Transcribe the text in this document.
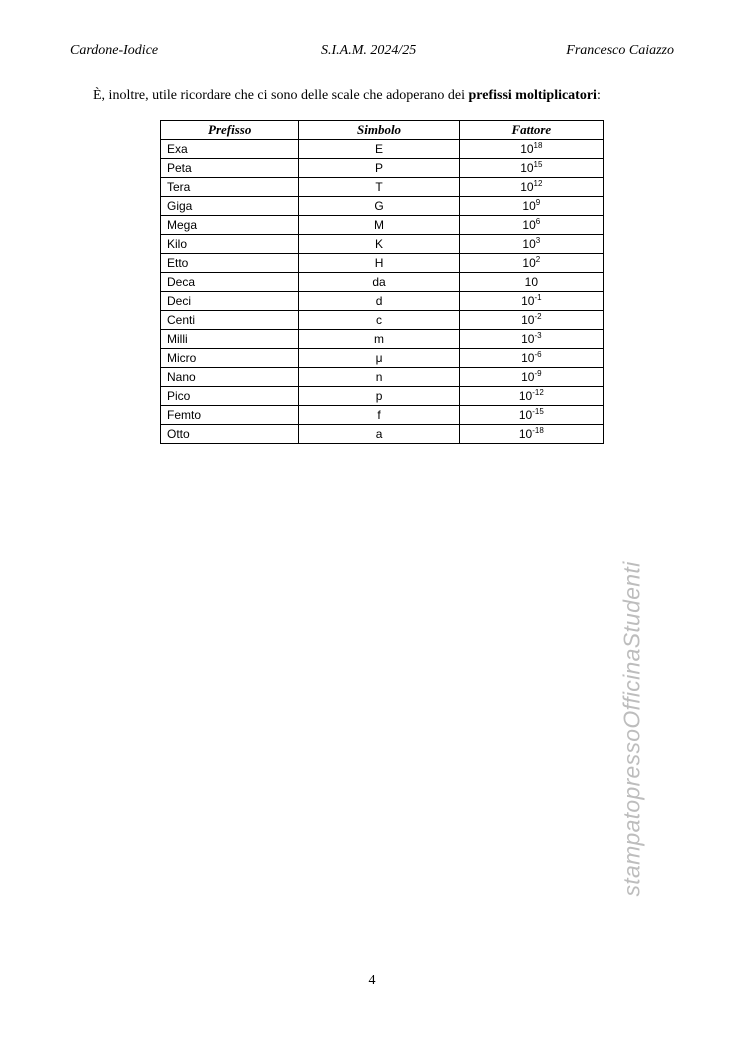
Cardone-Iodice	S.I.A.M. 2024/25	Francesco Caiazzo

È, inoltre, utile ricordare che ci sono delle scale che adoperano dei prefissi moltiplicatori:

Prefisso	Simbolo	Fattore
Exa	E	$10^{18}$
Peta	P	$10^{15}$
Tera	T	$10^{12}$
Giga	G	$10^9$
Mega	M	$10^6$
Kilo	K	$10^3$
Etto	H	$10^2$
Deca	da	10
Deci	d	$10^{-1}$
Centi	c	$10^{-2}$
Milli	m	$10^{-3}$
Micro	μ	$10^{-6}$
Nano	n	$10^{-9}$
Pico	p	$10^{-12}$
Femto	f	$10^{-15}$
Otto	a	$10^{-18}$
stampatopressoOfficinaStudenti
4
